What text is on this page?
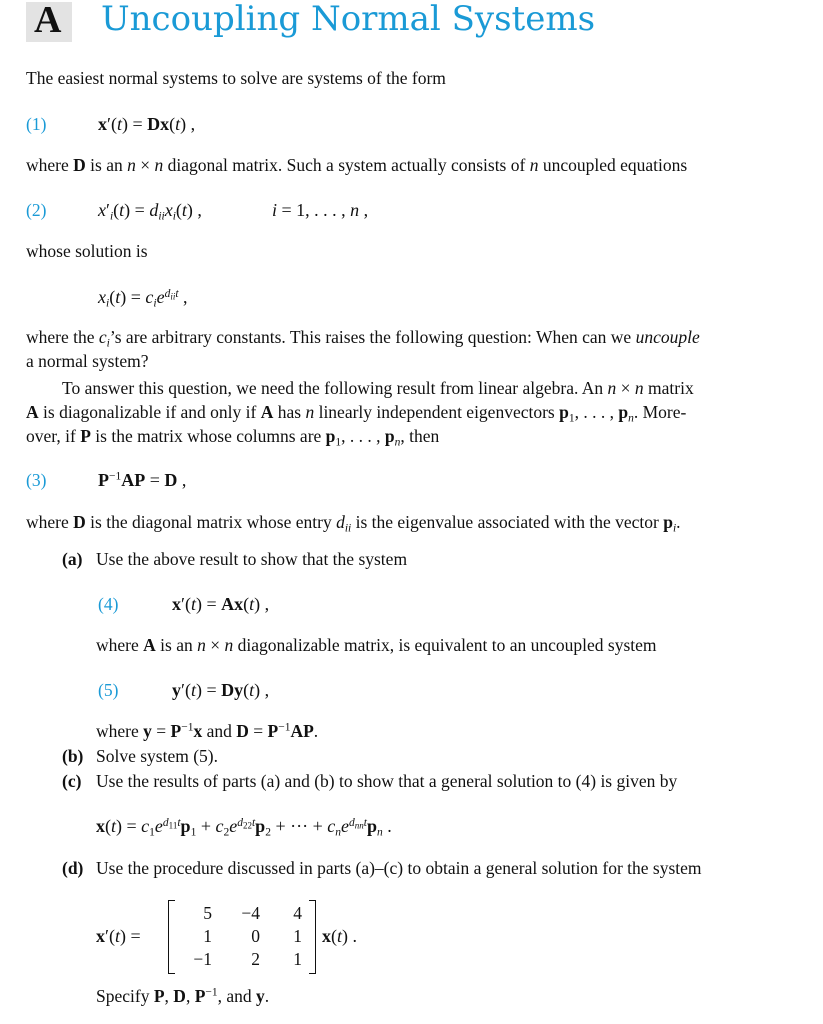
A Uncoupling Normal Systems
The easiest normal systems to solve are systems of the form
(1)	x′(t) = Dx(t) ,
where D is an n × n diagonal matrix. Such a system actually consists of n uncoupled equations
(2)	$x'_i(t) = d_{ii}x_i(t)$ ,	i = 1, . . . , n ,
whose solution is
$x_i(t) = c_ie^{d_{ii}t}$ ,
where the $c_i’s$ are arbitrary constants. This raises the following question: When can we uncouple
a normal system?
To answer this question, we need the following result from linear algebra. An n × n matrix
A is diagonalizable if and only if A has n linearly independent eigenvectors $p_1$, . . . , $p_n$. More-
over, if P is the matrix whose columns are $p_1$, . . . , $p_n$, then
(3)	$P^{-1}AP = D$ ,
where D is the diagonal matrix whose entry $d_{ii}$ is the eigenvalue associated with the vector $p_i$.
(a) Use the above result to show that the system
(4)	x′(t) = Ax(t) ,
where A is an n × n diagonalizable matrix, is equivalent to an uncoupled system
(5)	y′(t) = Dy(t) ,
where $y = P^{-1}x$ and $D = P^{-1}AP$.
(b) Solve system (5).
(c) Use the results of parts (a) and (b) to show that a general solution to (4) is given by
$x(t) = c_1e^{d_{11}t}p_1 + c_2e^{d_{22}t}p_2$ + ··· + $c_ne^{d_{nn}t}p_n$ .
(d) Use the procedure discussed in parts (a)–(c) to obtain a general solution for the system
x′(t) =
5	−4	4
1	0	1
−1	2	1
x(t) .
Specify P, D, $P^{-1}$, and y.
